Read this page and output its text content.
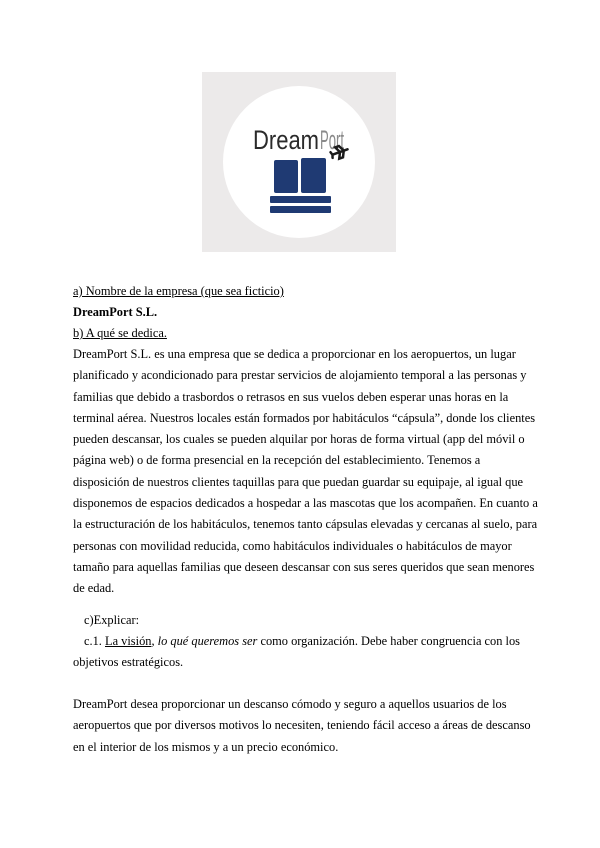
Dream Port
a) Nombre de la empresa (que sea ficticio)
DreamPort S.L.
b) A qué se dedica.
DreamPort S.L. es una empresa que se dedica a proporcionar en los aeropuertos, un lugar
planificado y acondicionado para prestar servicios de alojamiento temporal a las personas y
familias que debido a trasbordos o retrasos en sus vuelos deben esperar unas horas en la
terminal aérea. Nuestros locales están formados por habitáculos “cápsula”, donde los clientes
pueden descansar, los cuales se pueden alquilar por horas de forma virtual (app del móvil o
página web) o de forma presencial en la recepción del establecimiento. Tenemos a
disposición de nuestros clientes taquillas para que puedan guardar su equipaje, al igual que
disponemos de espacios dedicados a hospedar a las mascotas que los acompañen. En cuanto a
la estructuración de los habitáculos, tenemos tanto cápsulas elevadas y cercanas al suelo, para
personas con movilidad reducida, como habitáculos individuales o habitáculos de mayor
tamaño para aquellas familias que deseen descansar con sus seres queridos que sean menores
de edad.
c)Explicar:
c.1. La visión, lo qué queremos ser como organización. Debe haber congruencia con los
objetivos estratégicos.
DreamPort desea proporcionar un descanso cómodo y seguro a aquellos usuarios de los
aeropuertos que por diversos motivos lo necesiten, teniendo fácil acceso a áreas de descanso
en el interior de los mismos y a un precio económico.
